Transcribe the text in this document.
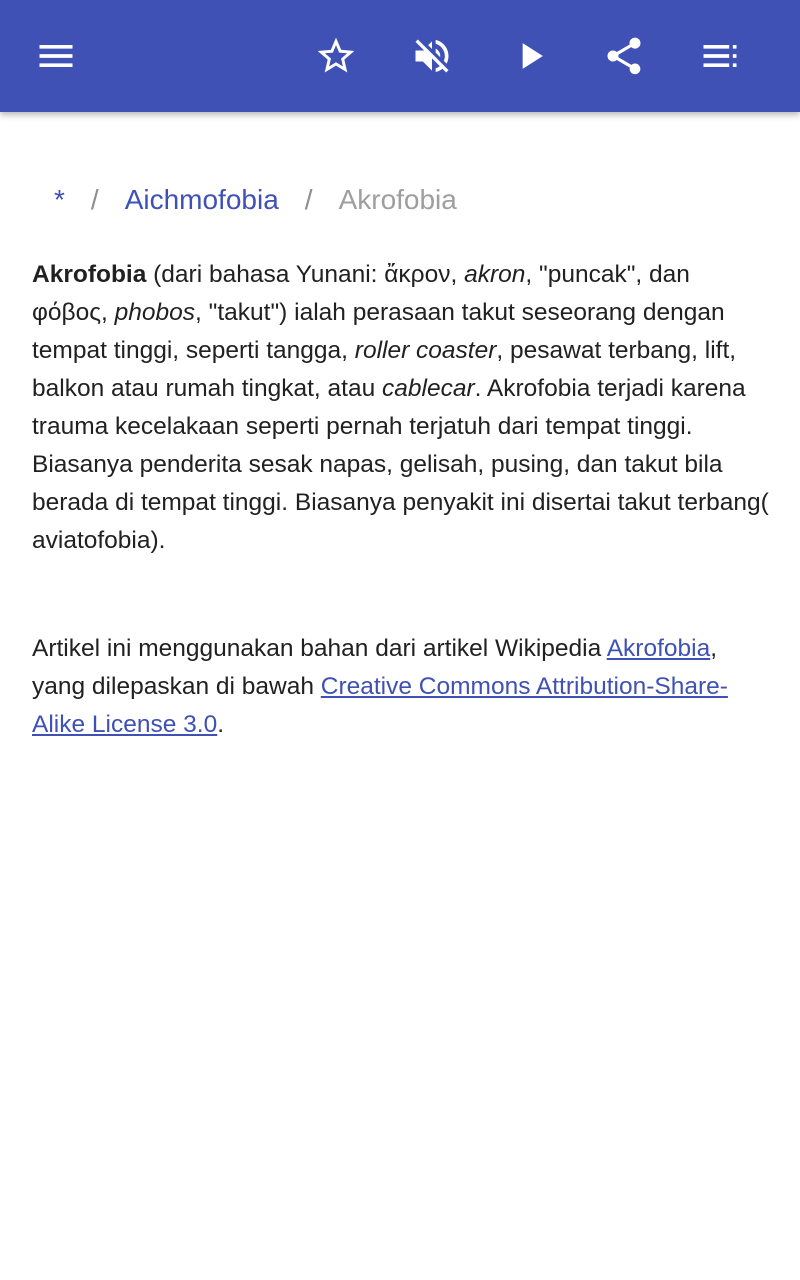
* / Aichmofobia / Akrofobia

Akrofobia (dari bahasa Yunani: ἄκρον, akron, "puncak", dan φόβος, phobos, "takut") ialah perasaan takut seseorang dengan tempat tinggi, seperti tangga, roller coaster, pesawat terbang, lift, balkon atau rumah tingkat, atau cablecar. Akrofobia terjadi karena trauma kecelakaan seperti pernah terjatuh dari tempat tinggi. Biasanya penderita sesak napas, gelisah, pusing, dan takut bila berada di tempat tinggi. Biasanya penyakit ini disertai takut terbang( aviatofobia).

Artikel ini menggunakan bahan dari artikel Wikipedia Akrofobia, yang dilepaskan di bawah Creative Commons Attribution-Share-Alike License 3.0.
